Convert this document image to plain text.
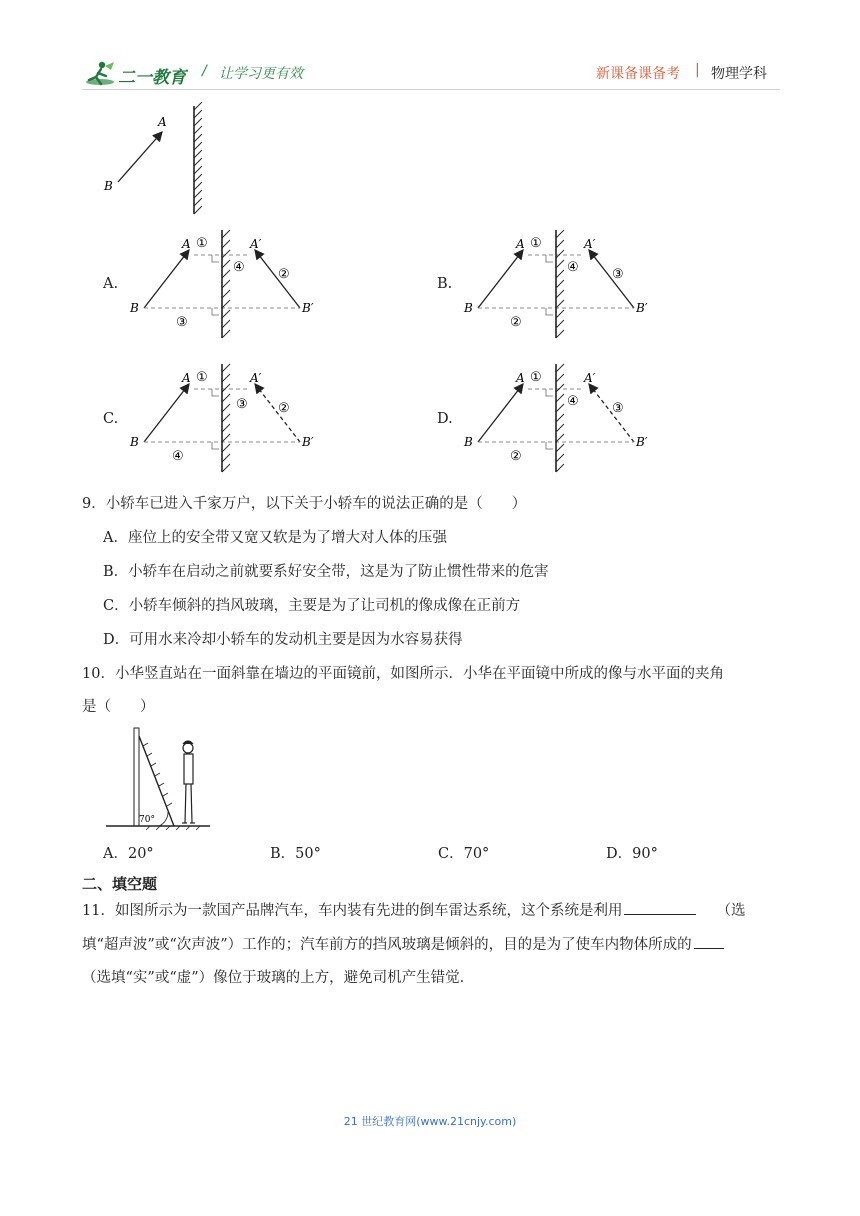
二一教育 / 让学习更有效	新课备课备考 | 物理学科
A
B
A.
A
B
A′
B′
①
④	②
③
B.
A
B
A′
B′
①
④	③
②
C.
A
B
A′
B′
①
③ ②
④
D.
A
B
A′
B′
①
④	③
②
9．小轿车已进入千家万户，以下关于小轿车的说法正确的是（　　）
A．座位上的安全带又宽又软是为了增大对人体的压强
B．小轿车在启动之前就要系好安全带，这是为了防止惯性带来的危害
C．小轿车倾斜的挡风玻璃，主要是为了让司机的像成像在正前方
D．可用水来冷却小轿车的发动机主要是因为水容易获得
10．小华竖直站在一面斜靠在墙边的平面镜前，如图所示．小华在平面镜中所成的像与水平面的夹角
是（　　）
70°
A．20°	B．50°	C．70°	D．90°
二、填空题
11．如图所示为一款国产品牌汽车，车内装有先进的倒车雷达系统，这个系统是利用	（选
填“超声波”或“次声波”）工作的；汽车前方的挡风玻璃是倾斜的，目的是为了使车内物体所成的
（选填“实”或“虚”）像位于玻璃的上方，避免司机产生错觉．
21 世纪教育网(www.21cnjy.com)
